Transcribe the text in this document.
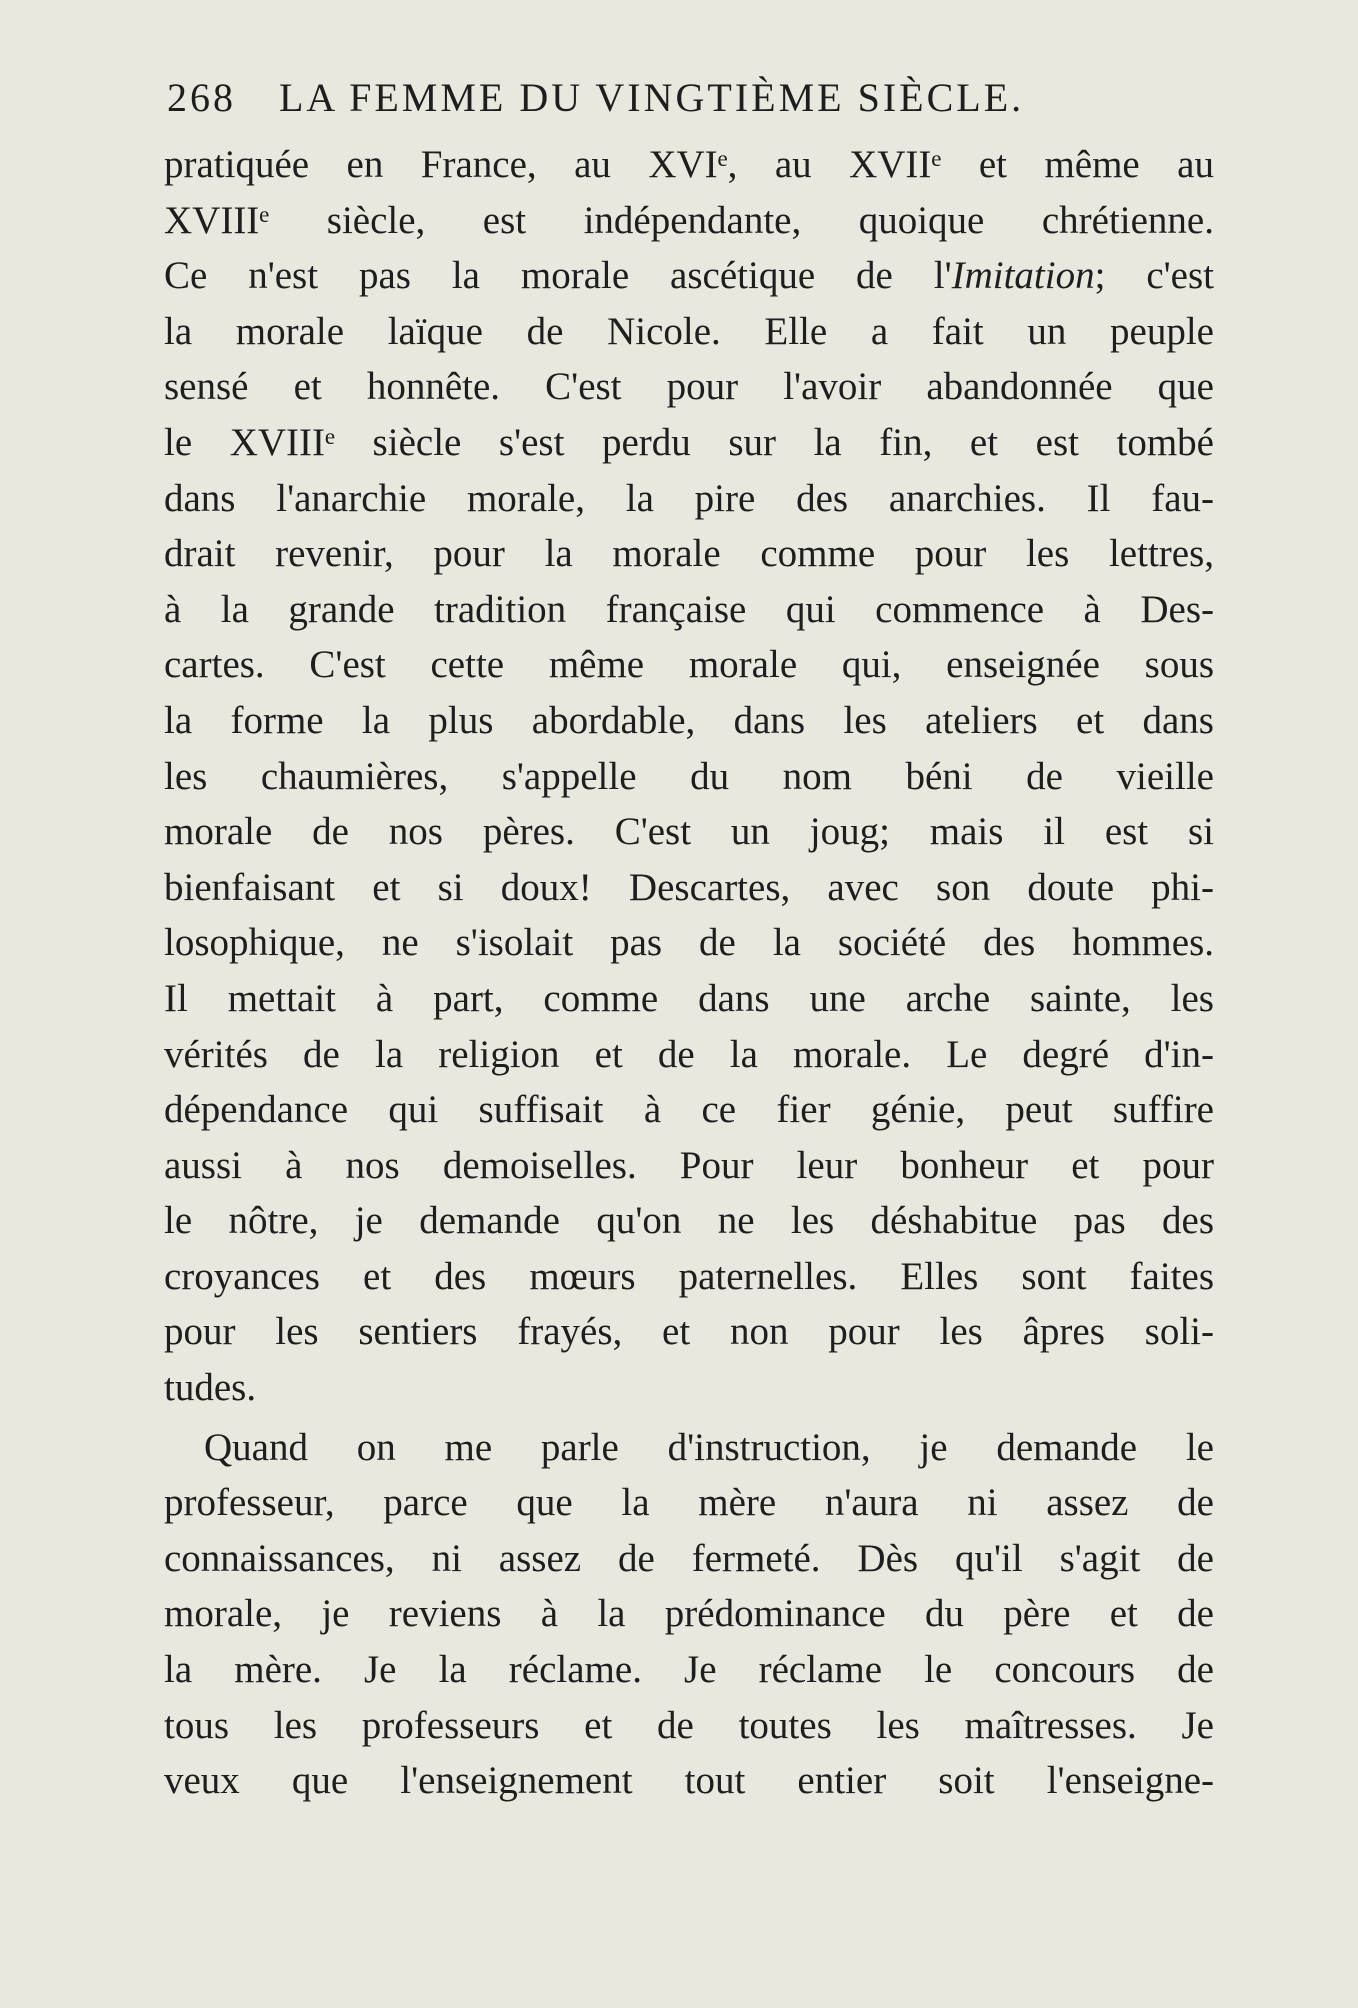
268 LA FEMME DU VINGTIÈME SIÈCLE.
pratiquée en France, au XVIᵉ, au XVIIᵉ et même au
XVIIIᵉ siècle, est indépendante, quoique chrétienne.
Ce n'est pas la morale ascétique de l'Imitation; c'est
la morale laïque de Nicole. Elle a fait un peuple
sensé et honnête. C'est pour l'avoir abandonnée que
le XVIIIᵉ siècle s'est perdu sur la fin, et est tombé
dans l'anarchie morale, la pire des anarchies. Il fau-
drait revenir, pour la morale comme pour les lettres,
à la grande tradition française qui commence à Des-
cartes. C'est cette même morale qui, enseignée sous
la forme la plus abordable, dans les ateliers et dans
les chaumières, s'appelle du nom béni de vieille
morale de nos pères. C'est un joug; mais il est si
bienfaisant et si doux! Descartes, avec son doute phi-
losophique, ne s'isolait pas de la société des hommes.
Il mettait à part, comme dans une arche sainte, les
vérités de la religion et de la morale. Le degré d'in-
dépendance qui suffisait à ce fier génie, peut suffire
aussi à nos demoiselles. Pour leur bonheur et pour
le nôtre, je demande qu'on ne les déshabitue pas des
croyances et des mœurs paternelles. Elles sont faites
pour les sentiers frayés, et non pour les âpres soli-
tudes.
Quand on me parle d'instruction, je demande le
professeur, parce que la mère n'aura ni assez de
connaissances, ni assez de fermeté. Dès qu'il s'agit de
morale, je reviens à la prédominance du père et de
la mère. Je la réclame. Je réclame le concours de
tous les professeurs et de toutes les maîtresses. Je
veux que l'enseignement tout entier soit l'enseigne-
